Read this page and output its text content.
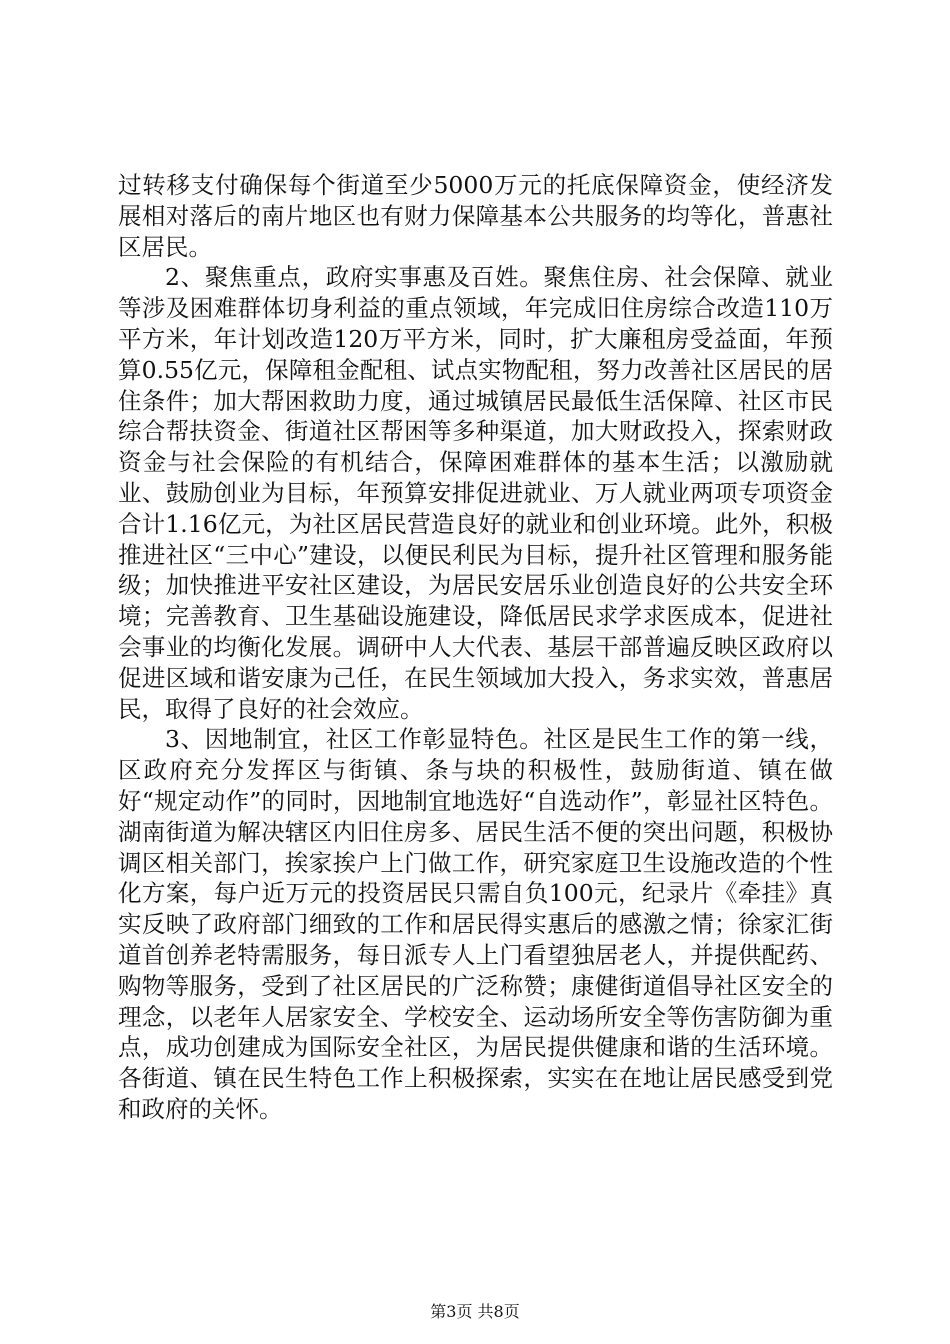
过转移支付确保每个街道至少5000万元的托底保障资金，使经济发展相对落后的南片地区也有财力保障基本公共服务的均等化，普惠社区居民。

2、聚焦重点，政府实事惠及百姓。聚焦住房、社会保障、就业等涉及困难群体切身利益的重点领域，年完成旧住房综合改造110万平方米，年计划改造120万平方米，同时，扩大廉租房受益面，年预算0.55亿元，保障租金配租、试点实物配租，努力改善社区居民的居住条件；加大帮困救助力度，通过城镇居民最低生活保障、社区市民综合帮扶资金、街道社区帮困等多种渠道，加大财政投入，探索财政资金与社会保险的有机结合，保障困难群体的基本生活；以激励就业、鼓励创业为目标，年预算安排促进就业、万人就业两项专项资金合计1.16亿元，为社区居民营造良好的就业和创业环境。此外，积极推进社区“三中心”建设，以便民利民为目标，提升社区管理和服务能级；加快推进平安社区建设，为居民安居乐业创造良好的公共安全环境；完善教育、卫生基础设施建设，降低居民求学求医成本，促进社会事业的均衡化发展。调研中人大代表、基层干部普遍反映区政府以促进区域和谐安康为己任，在民生领域加大投入，务求实效，普惠居民，取得了良好的社会效应。

3、因地制宜，社区工作彰显特色。社区是民生工作的第一线，区政府充分发挥区与街镇、条与块的积极性，鼓励街道、镇在做好“规定动作”的同时，因地制宜地选好“自选动作”，彰显社区特色。湖南街道为解决辖区内旧住房多、居民生活不便的突出问题，积极协调区相关部门，挨家挨户上门做工作，研究家庭卫生设施改造的个性化方案，每户近万元的投资居民只需自负100元，纪录片《牵挂》真实反映了政府部门细致的工作和居民得实惠后的感激之情；徐家汇街道首创养老特需服务，每日派专人上门看望独居老人，并提供配药、购物等服务，受到了社区居民的广泛称赞；康健街道倡导社区安全的理念，以老年人居家安全、学校安全、运动场所安全等伤害防御为重点，成功创建成为国际安全社区，为居民提供健康和谐的生活环境。各街道、镇在民生特色工作上积极探索，实实在在地让居民感受到党和政府的关怀。

第3页 共8页
